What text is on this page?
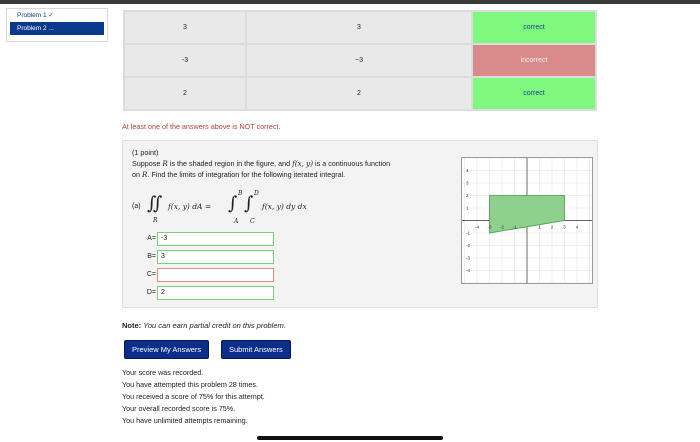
Problem 1 ✓
Problem 2 ...	3	3	correct
-3	−3	incorrect
2	2	correct
At least one of the answers above is NOT correct.
(1 point)
Suppose R is the shaded region in the figure, and f(x, y) is a continuous function
on R. Find the limits of integration for the following iterated integral.
(a) ∬
R
f(x, y) dA = ∫ B
A
∫ D
C
f(x, y) dy dx
A=
-3
B=
3
C=
D=
2
-4 -3 -2 -1	1 2 3 4
4
3
2
1
-1
-2
-3
-4
Note: You can earn partial credit on this problem.
Preview My Answers	Submit Answers
Your score was recorded.
You have attempted this problem 28 times.
You received a score of 75% for this attempt.
Your overall recorded score is 75%.
You have unlimited attempts remaining.
